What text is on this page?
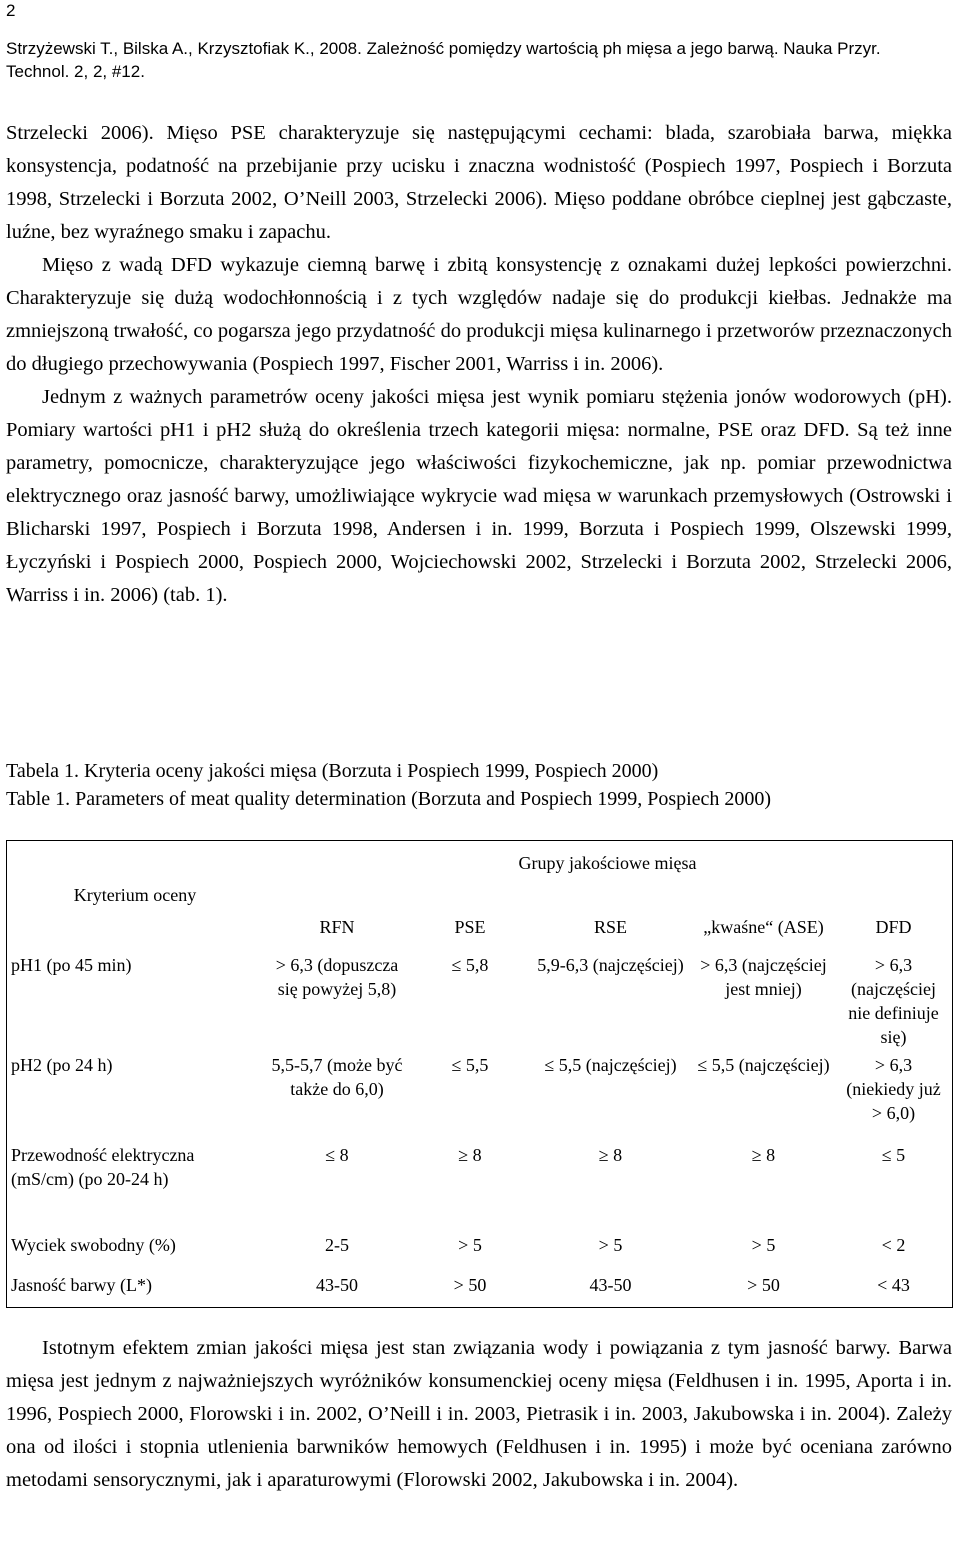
2
Strzyżewski T., Bilska A., Krzysztofiak K., 2008. Zależność pomiędzy wartością ph mięsa a jego barwą. Nauka Przyr.
Technol. 2, 2, #12.

Strzelecki 2006). Mięso PSE charakteryzuje się następującymi cechami: blada, szarobiała barwa, miękka konsystencja, podatność na przebijanie przy ucisku i znaczna wodnistość (Pospiech 1997, Pospiech i Borzuta 1998, Strzelecki i Borzuta 2002, O’Neill 2003, Strzelecki 2006). Mięso poddane obróbce cieplnej jest gąbczaste, luźne, bez wyraźnego smaku i zapachu.

Mięso z wadą DFD wykazuje ciemną barwę i zbitą konsystencję z oznakami dużej lepkości powierzchni. Charakteryzuje się dużą wodochłonnością i z tych względów nadaje się do produkcji kiełbas. Jednakże ma zmniejszoną trwałość, co pogarsza jego przydatność do produkcji mięsa kulinarnego i przetworów przeznaczonych do długiego przechowywania (Pospiech 1997, Fischer 2001, Warriss i in. 2006).

Jednym z ważnych parametrów oceny jakości mięsa jest wynik pomiaru stężenia jonów wodorowych (pH). Pomiary wartości pH1 i pH2 służą do określenia trzech kategorii mięsa: normalne, PSE oraz DFD. Są też inne parametry, pomocnicze, charakteryzujące jego właściwości fizykochemiczne, jak np. pomiar przewodnictwa elektrycznego oraz jasność barwy, umożliwiające wykrycie wad mięsa w warunkach przemysłowych (Ostrowski i Blicharski 1997, Pospiech i Borzuta 1998, Andersen i in. 1999, Borzuta i Pospiech 1999, Olszewski 1999, Łyczyński i Pospiech 2000, Pospiech 2000, Wojciechowski 2002, Strzelecki i Borzuta 2002, Strzelecki 2006, Warriss i in. 2006) (tab. 1).

Tabela 1. Kryteria oceny jakości mięsa (Borzuta i Pospiech 1999, Pospiech 2000)
Table 1. Parameters of meat quality determination (Borzuta and Pospiech 1999, Pospiech 2000)
Kryterium oceny	Grupy jakościowe mięsa				
	RFN	PSE	RSE	„kwaśne“ (ASE)	DFD
pH1 (po 45 min)	> 6,3 (dopuszcza się powyżej 5,8)	≤ 5,8	5,9-6,3 (najczęściej)	> 6,3 (najczęściej jest mniej)	> 6,3 (najczęściej nie definiuje się)
pH2 (po 24 h)	5,5-5,7 (może być także do 6,0)	≤ 5,5	≤ 5,5 (najczęściej)	≤ 5,5 (najczęściej)	> 6,3 (niekiedy już > 6,0)
Przewodność elektryczna (mS/cm) (po 20-24 h)	≤ 8	≥ 8	≥ 8	≥ 8	≤ 5
Wyciek swobodny (%)	2-5	> 5	> 5	> 5	< 2
Jasność barwy (L*)	43-50	> 50	43-50	> 50	< 43

Istotnym efektem zmian jakości mięsa jest stan związania wody i powiązania z tym jasność barwy. Barwa mięsa jest jednym z najważniejszych wyróżników konsumenckiej oceny mięsa (Feldhusen i in. 1995, Aporta i in. 1996, Pospiech 2000, Florowski i in. 2002, O’Neill i in. 2003, Pietrasik i in. 2003, Jakubowska i in. 2004). Zależy ona od ilości i stopnia utlenienia barwników hemowych (Feldhusen i in. 1995) i może być oceniana zarówno metodami sensorycznymi, jak i aparaturowymi (Florowski 2002, Jakubowska i in. 2004).
